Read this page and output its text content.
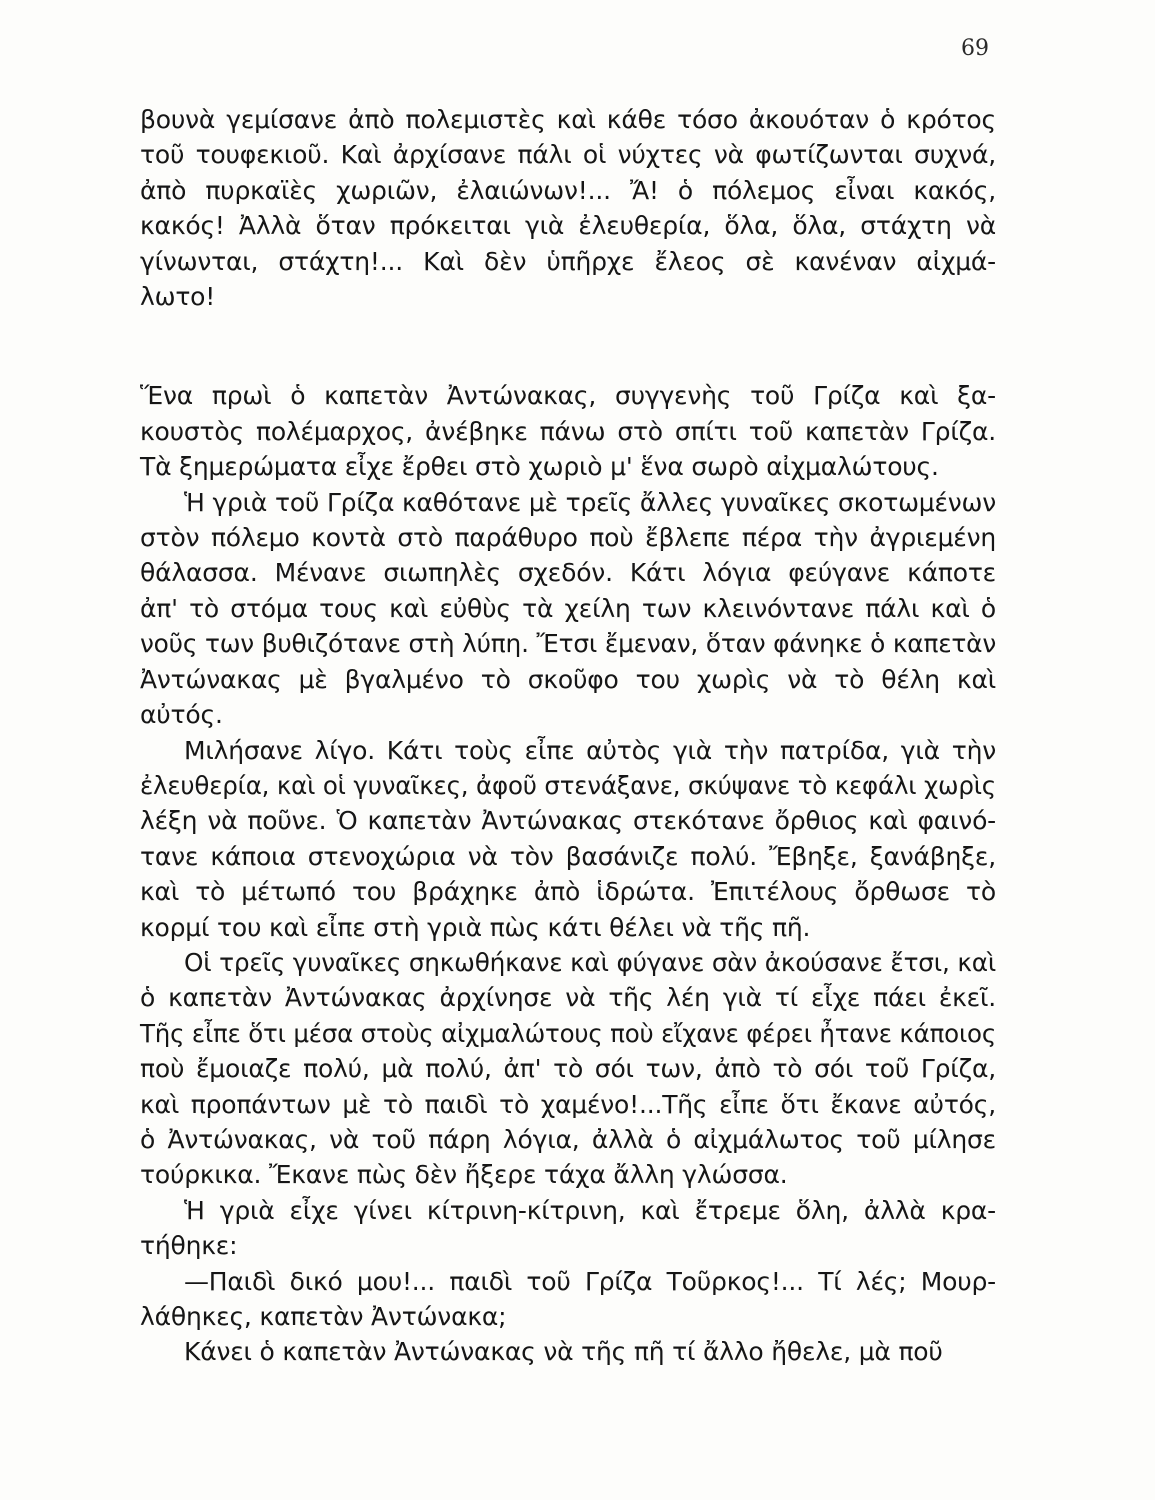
69

βουνὰ γεμίσανε ἀπὸ πολεμιστὲς καὶ κάθε τόσο ἀκουόταν ὁ κρότος
τοῦ τουφεκιοῦ. Καὶ ἀρχίσανε πάλι οἱ νύχτες νὰ φωτίζωνται συχνά,
ἀπὸ πυρκαϊὲς χωριῶν, ἐλαιώνων!... Ἄ! ὁ πόλεμος εἶναι κακός,
κακός! Ἀλλὰ ὅταν πρόκειται γιὰ ἐλευθερία, ὅλα, ὅλα, στάχτη νὰ
γίνωνται, στάχτη!... Καὶ δὲν ὑπῆρχε ἔλεος σὲ κανέναν αἰχμά-
λωτο!

Ἕνα πρωὶ ὁ καπετὰν Ἀντώνακας, συγγενὴς τοῦ Γρίζα καὶ ξα-
κουστὸς πολέμαρχος, ἀνέβηκε πάνω στὸ σπίτι τοῦ καπετὰν Γρίζα.
Τὰ ξημερώματα εἶχε ἔρθει στὸ χωριὸ μ' ἕνα σωρὸ αἰχμαλώτους.

Ἡ γριὰ τοῦ Γρίζα καθότανε μὲ τρεῖς ἄλλες γυναῖκες σκοτωμένων
στὸν πόλεμο κοντὰ στὸ παράθυρο ποὺ ἔβλεπε πέρα τὴν ἀγριεμένη
θάλασσα. Μένανε σιωπηλὲς σχεδόν. Κάτι λόγια φεύγανε κάποτε
ἀπ' τὸ στόμα τους καὶ εὐθὺς τὰ χείλη των κλεινόντανε πάλι καὶ ὁ
νοῦς των βυθιζότανε στὴ λύπη. Ἔτσι ἔμεναν, ὅταν φάνηκε ὁ καπετὰν
Ἀντώνακας μὲ βγαλμένο τὸ σκοῦφο του χωρὶς νὰ τὸ θέλη καὶ
αὐτός.

Μιλήσανε λίγο. Κάτι τοὺς εἶπε αὐτὸς γιὰ τὴν πατρίδα, γιὰ τὴν
ἐλευθερία, καὶ οἱ γυναῖκες, ἀφοῦ στενάξανε, σκύψανε τὸ κεφάλι χωρὶς
λέξη νὰ ποῦνε. Ὁ καπετὰν Ἀντώνακας στεκότανε ὄρθιος καὶ φαινό-
τανε κάποια στενοχώρια νὰ τὸν βασάνιζε πολύ. Ἔβηξε, ξανάβηξε,
καὶ τὸ μέτωπό του βράχηκε ἀπὸ ἱδρώτα. Ἐπιτέλους ὄρθωσε τὸ
κορμί του καὶ εἶπε στὴ γριὰ πὼς κάτι θέλει νὰ τῆς πῆ.

Οἱ τρεῖς γυναῖκες σηκωθήκανε καὶ φύγανε σὰν ἀκούσανε ἔτσι, καὶ
ὁ καπετὰν Ἀντώνακας ἀρχίνησε νὰ τῆς λέη γιὰ τί εἶχε πάει ἐκεῖ.
Τῆς εἶπε ὅτι μέσα στοὺς αἰχμαλώτους ποὺ εἴχανε φέρει ἦτανε κάποιος
ποὺ ἔμοιαζε πολύ, μὰ πολύ, ἀπ' τὸ σόι των, ἀπὸ τὸ σόι τοῦ Γρίζα,
καὶ προπάντων μὲ τὸ παιδὶ τὸ χαμένο!...Τῆς εἶπε ὅτι ἔκανε αὐτός,
ὁ Ἀντώνακας, νὰ τοῦ πάρη λόγια, ἀλλὰ ὁ αἰχμάλωτος τοῦ μίλησε
τούρκικα. Ἔκανε πὼς δὲν ἤξερε τάχα ἄλλη γλώσσα.

Ἡ γριὰ εἶχε γίνει κίτρινη-κίτρινη, καὶ ἔτρεμε ὅλη, ἀλλὰ κρα-
τήθηκε:

—Παιδὶ δικό μου!... παιδὶ τοῦ Γρίζα Τοῦρκος!... Τί λές; Μουρ-
λάθηκες, καπετὰν Ἀντώνακα;

Κάνει ὁ καπετὰν Ἀντώνακας νὰ τῆς πῆ τί ἄλλο ἤθελε, μὰ ποῦ
